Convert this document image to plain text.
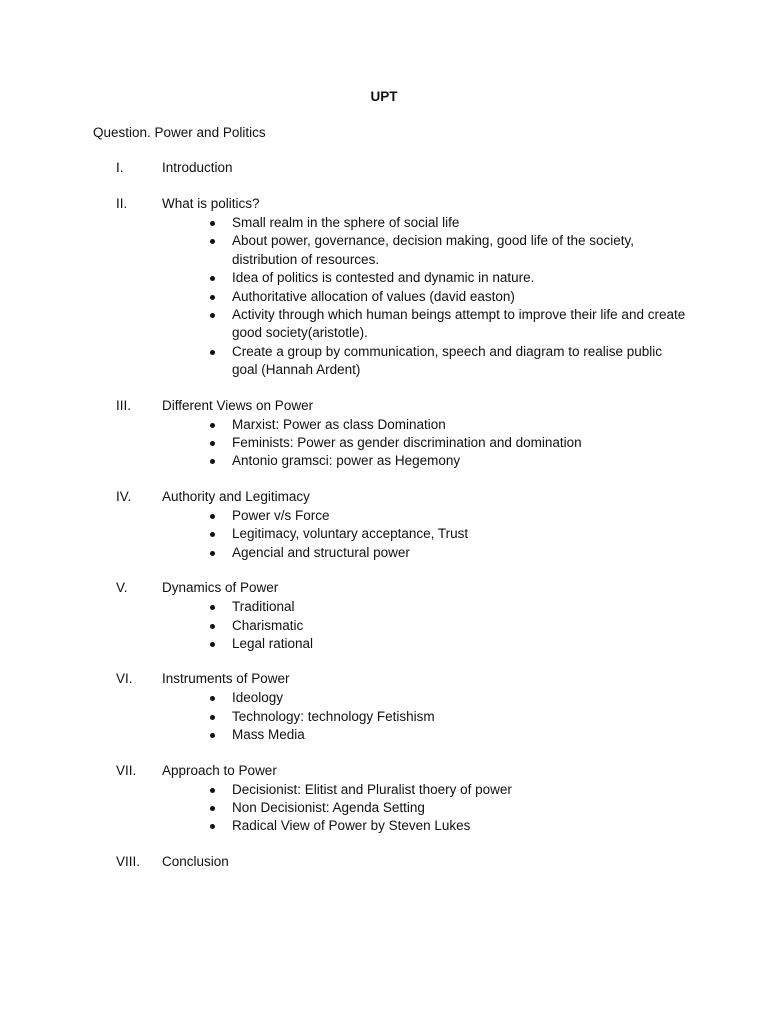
UPT
Question. Power and Politics
I.	Introduction
II.	What is politics?
Small realm in the sphere of social life
About power, governance, decision making, good life of the society, distribution of resources.
Idea of politics is contested and dynamic in nature.
Authoritative allocation of values (david easton)
Activity through which human beings attempt to improve their life and create good society(aristotle).
Create a group by communication, speech and diagram to realise public goal (Hannah Ardent)
III. Different Views on Power
Marxist: Power as class Domination
Feminists: Power as gender discrimination and domination
Antonio gramsci: power as Hegemony
IV. Authority and Legitimacy
Power v/s Force
Legitimacy, voluntary acceptance, Trust
Agencial and structural power
V.	Dynamics of Power
Traditional
Charismatic
Legal rational
VI. Instruments of Power
Ideology
Technology: technology Fetishism
Mass Media
VII. Approach to Power
Decisionist: Elitist and Pluralist thoery of power
Non Decisionist: Agenda Setting
Radical View of Power by Steven Lukes
VIII. Conclusion
